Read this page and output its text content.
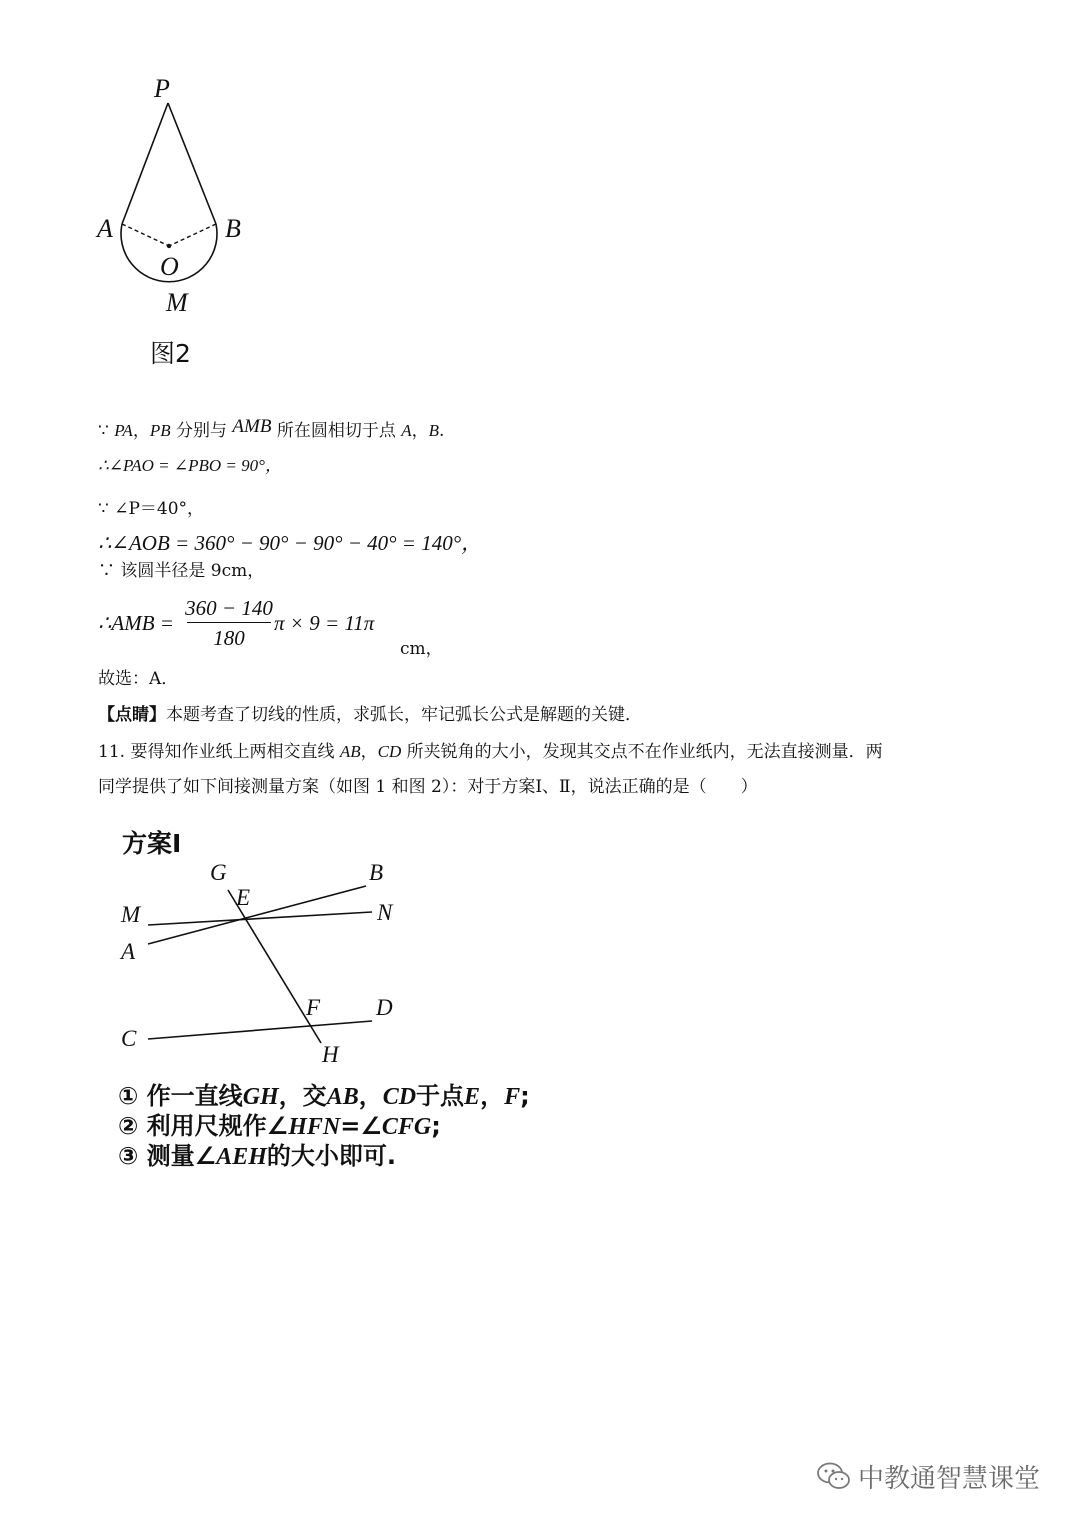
P
A	B
O
M
图2
∵ PA，PB 分别与 AMB 所在圆相切于点 A，B.
∴∠PAO = ∠PBO = 90°，
∵ ∠P＝40°，
∴∠AOB = 360° − 90° − 90° − 40° = 140°，
∵ 该圆半径是 9cm，
∴AMB =
360 − 140
180
π × 9 = 11π
cm，
故选：A．
【点睛】本题考查了切线的性质，求弧长，牢记弧长公式是解题的关键．
11. 要得知作业纸上两相交直线 AB，CD 所夹锐角的大小，发现其交点不在作业纸内，无法直接测量．两
同学提供了如下间接测量方案（如图 1 和图 2）：对于方案Ⅰ、Ⅱ，说法正确的是（　　）
方案Ⅰ
G	B
E
M	N
A
F D
C
H
① 作一直线GH，交AB，CD于点E，F;
② 利用尺规作∠HFN=∠CFG;
③ 测量∠AEH的大小即可.
中教通智慧课堂
